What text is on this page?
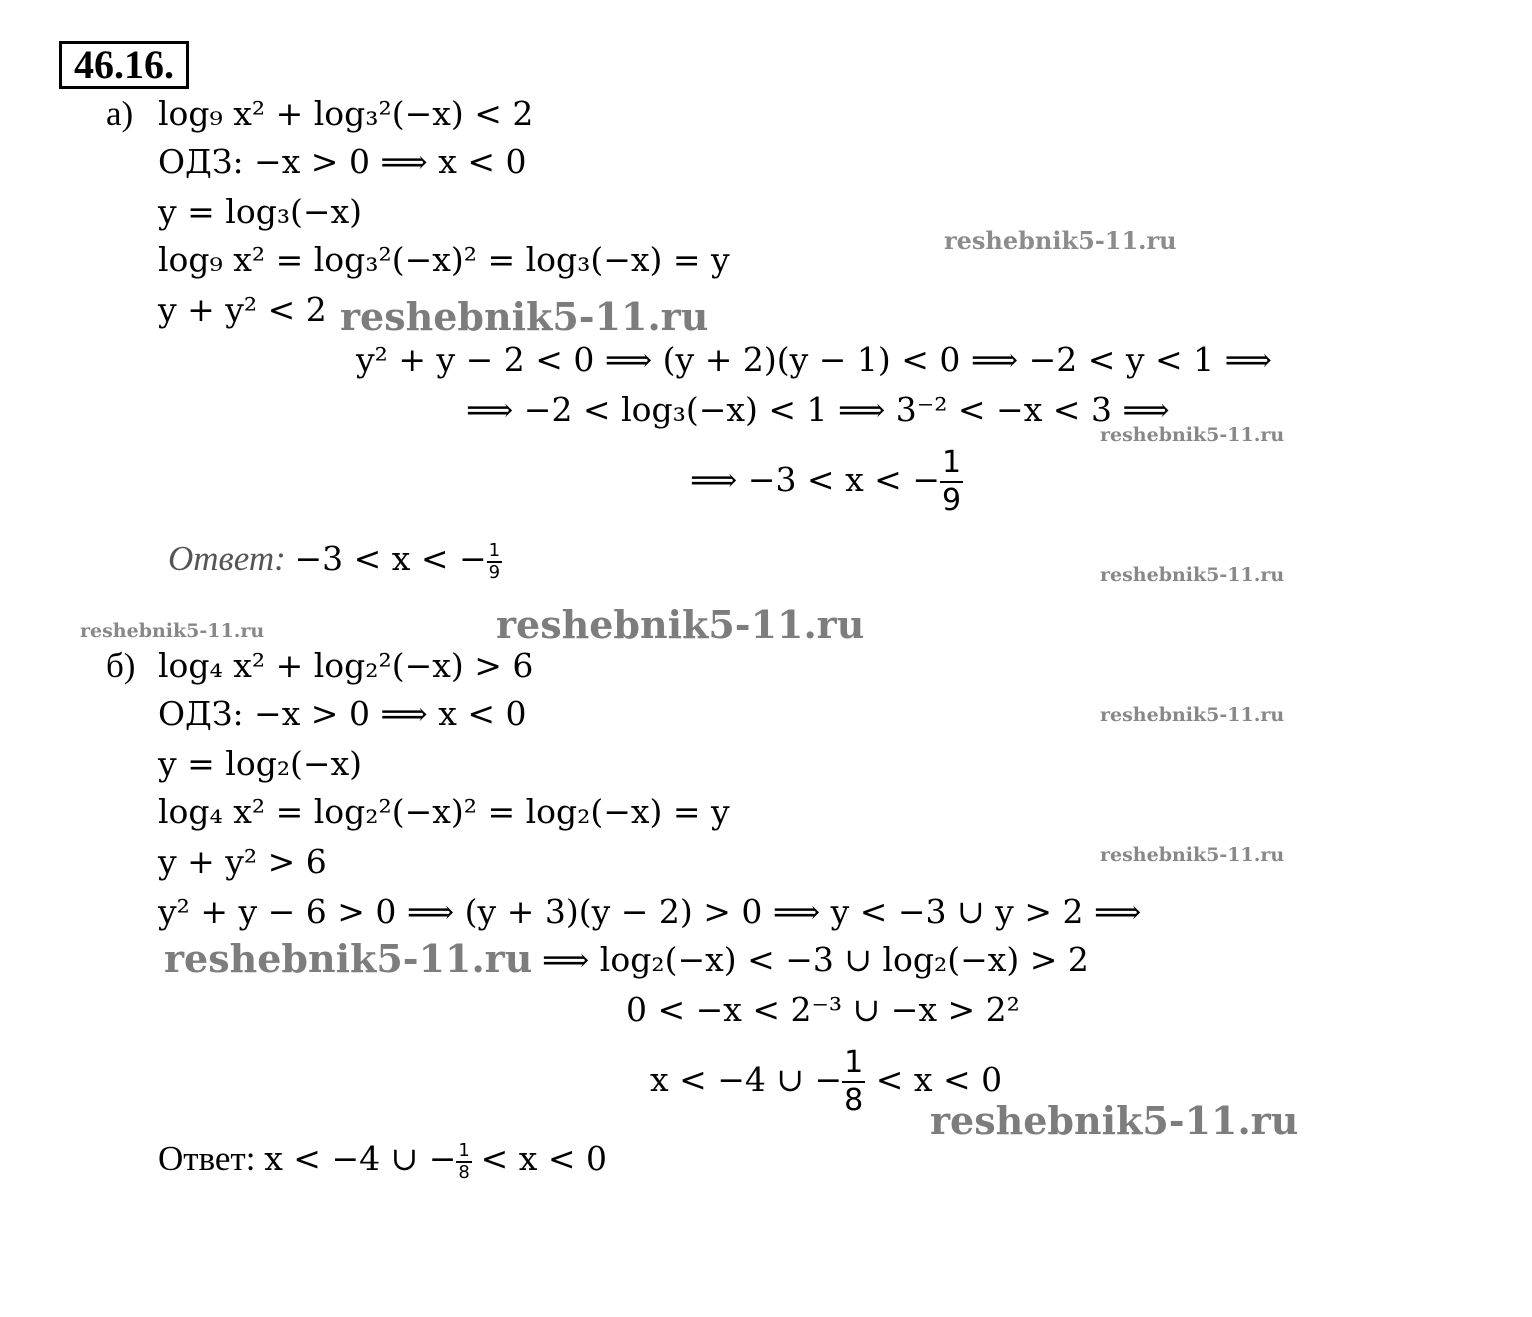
46.16.
а) log₉ x² + log₃²(−x) < 2
ОДЗ: −x > 0 ⟹ x < 0
y = log₃(−x)
log₉ x² = log₃²(−x)² = log₃(−x) = y
y + y² < 2
y² + y − 2 < 0 ⟹ (y + 2)(y − 1) < 0 ⟹ −2 < y < 1 ⟹
⟹ −2 < log₃(−x) < 1 ⟹ 3⁻² < −x < 3 ⟹
⟹ −3 < x < − $\frac{1}{9}$
Ответ: −3 < x < − $\frac{1}{9}$
б) log₄ x² + log₂²(−x) > 6
ОДЗ: −x > 0 ⟹ x < 0
y = log₂(−x)
log₄ x² = log₂²(−x)² = log₂(−x) = y
y + y² > 6
y² + y − 6 > 0 ⟹ (y + 3)(y − 2) > 0 ⟹ y < −3 ∪ y > 2 ⟹
⟹ log₂(−x) < −3 ∪ log₂(−x) > 2
0 < −x < 2⁻³ ∪ −x > 2²
x < −4 ∪ − $\frac{1}{8} < x < 0$
Ответ: x < −4 ∪ − $\frac{1}{8} < x < 0$
reshebnik5-11.ru
reshebnik5-11.ru
reshebnik5-11.ru
reshebnik5-11.ru
reshebnik5-11.ru
reshebnik5-11.ru
reshebnik5-11.ru
reshebnik5-11.ru
reshebnik5-11.ru
reshebnik5-11.ru
